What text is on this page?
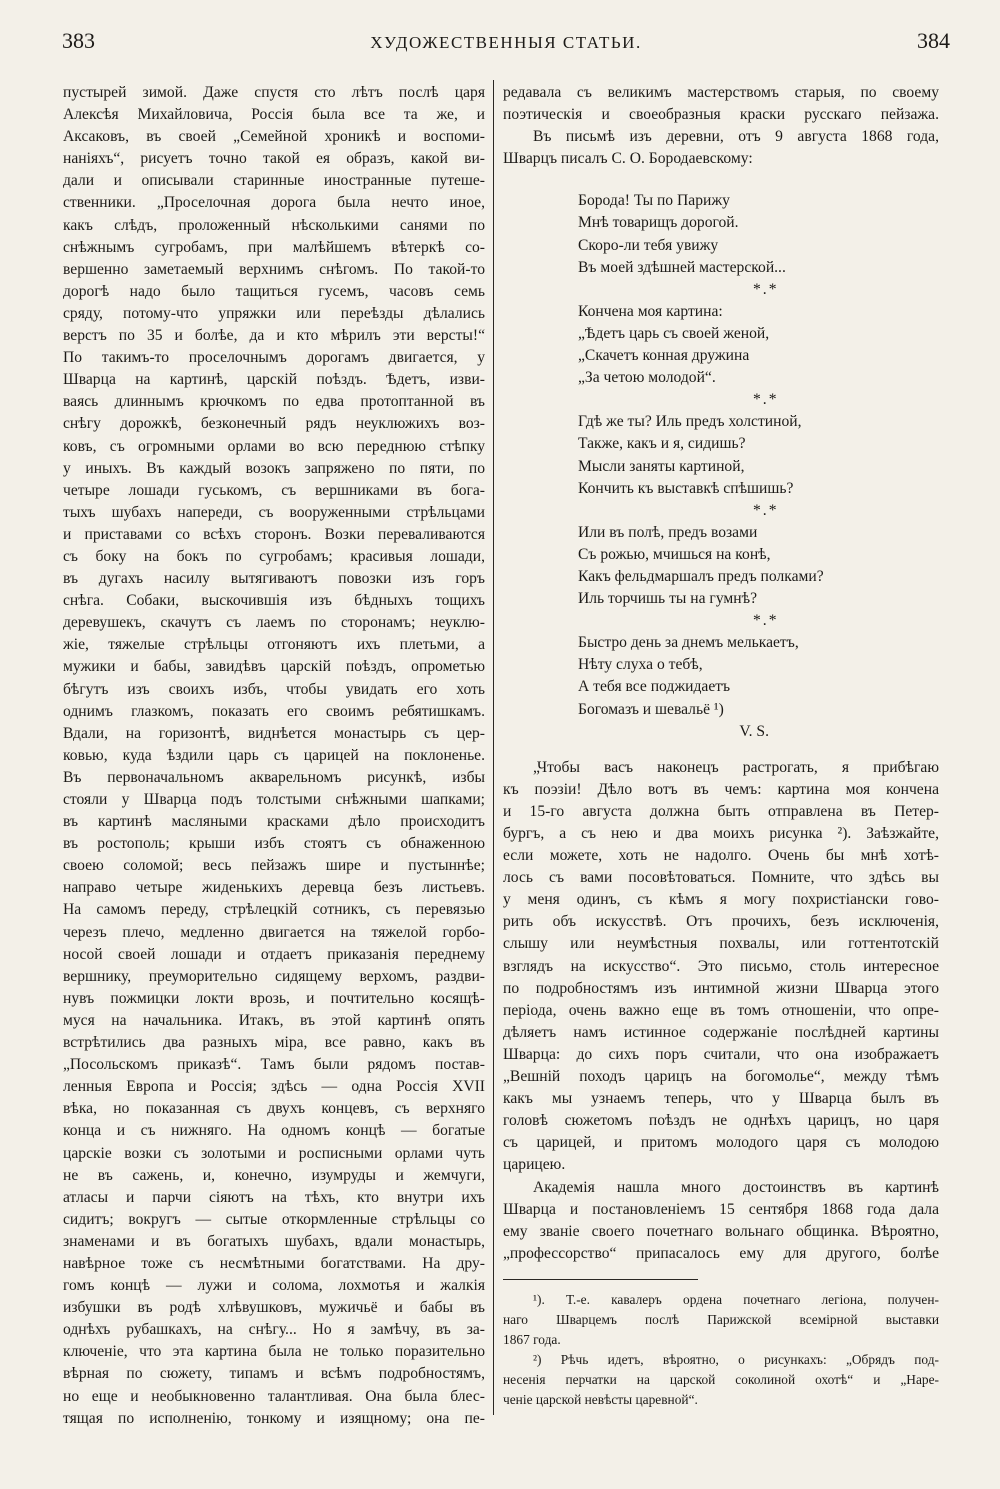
383	ХУДОЖЕСТВЕННЫЯ СТАТЬИ.	384
пустырей зимой. Даже спустя сто лѣтъ послѣ царя
Алексѣя Михайловича, Россія была все та же, и
Аксаковъ, въ своей „Семейной хроникѣ и воспоми-
наніяхъ“, рисуетъ точно такой ея образъ, какой ви-
дали и описывали старинные иностранные путеше-
ственники. „Проселочная дорога была нечто иное,
какъ слѣдъ, проложенный нѣсколькими санями по
снѣжнымъ сугробамъ, при малѣйшемъ вѣтеркѣ со-
вершенно заметаемый верхнимъ снѣгомъ. По такой-то
дорогѣ надо было тащиться гусемъ, часовъ семь
сряду, потому-что упряжки или переѣзды дѣлались
верстъ по 35 и болѣе, да и кто мѣрилъ эти версты!“
По такимъ-то проселочнымъ дорогамъ двигается, у
Шварца на картинѣ, царскій поѣздъ. Ѣдетъ, изви-
ваясь длиннымъ крючкомъ по едва протоптанной въ
снѣгу дорожкѣ, безконечный рядъ неуклюжихъ воз-
ковъ, съ огромными орлами во всю переднюю стѣпку
у иныхъ. Въ каждый возокъ запряжено по пяти, по
четыре лошади гуськомъ, съ вершниками въ бога-
тыхъ шубахъ напереди, съ вооруженными стрѣльцами
и приставами со всѣхъ сторонъ. Возки переваливаются
съ боку на бокъ по сугробамъ; красивыя лошади,
въ дугахъ насилу вытягиваютъ повозки изъ горъ
снѣга. Собаки, выскочившія изъ бѣдныхъ тощихъ
деревушекъ, скачутъ съ лаемъ по сторонамъ; неуклю-
жіе, тяжелые стрѣльцы отгоняютъ ихъ плетьми, а
мужики и бабы, завидѣвъ царскій поѣздъ, опрометью
бѣгутъ изъ своихъ избъ, чтобы увидать его хоть
однимъ глазкомъ, показать его своимъ ребятишкамъ.
Вдали, на горизонтѣ, виднѣется монастырь съ цер-
ковью, куда ѣздили царь съ царицей на поклоненье.
Въ первоначальномъ акварельномъ рисункѣ, избы
стояли у Шварца подъ толстыми снѣжными шапками;
въ картинѣ масляными красками дѣло происходитъ
въ ростополь; крыши избъ стоятъ съ обнаженною
своею соломой; весь пейзажъ шире и пустыннѣе;
направо четыре жиденькихъ деревца безъ листьевъ.
На самомъ переду, стрѣлецкій сотникъ, съ перевязью
черезъ плечо, медленно двигается на тяжелой горбо-
носой своей лошади и отдаетъ приказанія переднему
вершнику, преуморительно сидящему верхомъ, раздви-
нувъ пожмицки локти врозь, и почтительно косящѣ-
муся на начальника. Итакъ, въ этой картинѣ опять
встрѣтились два разныхъ міра, все равно, какъ въ
„Посольскомъ приказѣ“. Тамъ были рядомъ постав-
ленныя Европа и Россія; здѣсь — одна Россія XVII
вѣка, но показанная съ двухъ концевъ, съ верхняго
конца и съ нижняго. На одномъ концѣ — богатые
царскіе возки съ золотыми и росписными орлами чуть
не въ сажень, и, конечно, изумруды и жемчуги,
атласы и парчи сіяютъ на тѣхъ, кто внутри ихъ
сидитъ; вокругъ — сытые откормленные стрѣльцы со
знаменами и въ богатыхъ шубахъ, вдали монастырь,
навѣрное тоже съ несмѣтными богатствами. На дру-
гомъ концѣ — лужи и солома, лохмотья и жалкія
избушки въ родѣ хлѣвушковъ, мужичьё и бабы въ
однѣхъ рубашкахъ, на снѣгу... Но я замѣчу, въ за-
ключеніе, что эта картина была не только поразительно
вѣрная по сюжету, типамъ и всѣмъ подробностямъ,
но еще и необыкновенно талантливая. Она была блес-
тящая по исполненію, тонкому и изящному; она пе-
редавала съ великимъ мастерствомъ старыя, по своему
поэтическія и своеобразныя краски русскаго пейзажа.
Въ письмѣ изъ деревни, отъ 9 августа 1868 года,
Шварцъ писалъ С. О. Бородаевскому:
Борода! Ты по Парижу
Мнѣ товарищъ дорогой.
Скоро-ли тебя увижу
Въ моей здѣшней мастерской...
*.*
Кончена моя картина:
„Ѣдетъ царь съ своей женой,
„Скачетъ конная дружина
„За четою молодой“.
*.*
Гдѣ же ты? Иль предъ холстиной,
Также, какъ и я, сидишь?
Мысли заняты картиной,
Кончить къ выставкѣ спѣшишь?
*.*
Или въ полѣ, предъ возами
Съ рожью, мчишься на конѣ,
Какъ фельдмаршалъ предъ полками?
Иль торчишь ты на гумнѣ?
*.*
Быстро день за днемъ мелькаетъ,
Нѣту слуха о тебѣ,
А тебя все поджидаетъ
Богомазъ и шевальё ¹)
V. S.
„Чтобы васъ наконецъ растрогать, я прибѣгаю
къ поэзіи! Дѣло вотъ въ чемъ: картина моя кончена
и 15-го августа должна быть отправлена въ Петер-
бургъ, а съ нею и два моихъ рисунка ²). Заѣзжайте,
если можете, хоть не надолго. Очень бы мнѣ хотѣ-
лось съ вами посовѣтоваться. Помните, что здѣсь вы
у меня одинъ, съ кѣмъ я могу похристіански гово-
рить объ искусствѣ. Отъ прочихъ, безъ исключенія,
слышу или неумѣстныя похвалы, или готтентотскій
взглядъ на искусство“. Это письмо, столь интересное
по подробностямъ изъ интимной жизни Шварца этого
періода, очень важно еще въ томъ отношеніи, что опре-
дѣляетъ намъ истинное содержаніе послѣдней картины
Шварца: до сихъ поръ считали, что она изображаетъ
„Вешній походъ царицъ на богомолье“, между тѣмъ
какъ мы узнаемъ теперь, что у Шварца былъ въ
головѣ сюжетомъ поѣздъ не однѣхъ царицъ, но царя
съ царицей, и притомъ молодого царя съ молодою
царицею.
Академія нашла много достоинствъ въ картинѣ
Шварца и постановленіемъ 15 сентября 1868 года дала
ему званіе своего почетнаго вольнаго общинка. Вѣроятно,
„профессорство“ припасалось ему для другого, болѣе
¹). Т.-е. кавалеръ ордена почетнаго легіона, получен-
наго Шварцемъ послѣ Парижской всемірной выставки
1867 года.
²) Рѣчь идетъ, вѣроятно, о рисункахъ: „Обрядъ под-
несенія перчатки на царской соколиной охотѣ“ и „Наре-
ченіе царской невѣсты царевной“.
